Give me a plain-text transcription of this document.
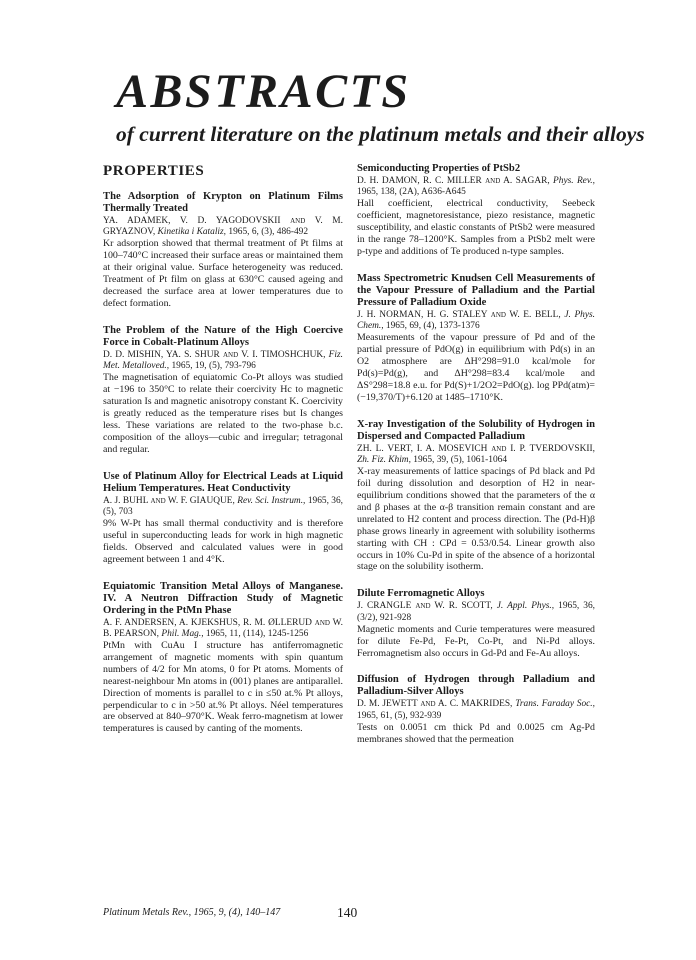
ABSTRACTS
of current literature on the platinum metals and their alloys
PROPERTIES

The Adsorption of Krypton on Platinum Films Thermally Treated

YA. ADAMEK, V. D. YAGODOVSKII and V. M. GRYAZNOV, Kinetika i Kataliz, 1965, 6, (3), 486-492

Kr adsorption showed that thermal treatment of Pt films at 100–740°C increased their surface areas or maintained them at their original value. Surface heterogeneity was reduced. Treatment of Pt film on glass at 630°C caused ageing and decreased the surface area at lower temperatures due to defect formation.

The Problem of the Nature of the High Coercive Force in Cobalt-Platinum Alloys

D. D. MISHIN, YA. S. SHUR and V. I. TIMOSHCHUK, Fiz. Met. Metalloved., 1965, 19, (5), 793-796

The magnetisation of equiatomic Co-Pt alloys was studied at −196 to 350°C to relate their coercivity Hc to magnetic saturation Is and magnetic anisotropy constant K. Coercivity is greatly reduced as the temperature rises but Is changes less. These variations are related to the two-phase b.c. composition of the alloys—cubic and irregular; tetragonal and regular.

Use of Platinum Alloy for Electrical Leads at Liquid Helium Temperatures. Heat Conductivity

A. J. BUHL and W. F. GIAUQUE, Rev. Sci. Instrum., 1965, 36, (5), 703

9% W-Pt has small thermal conductivity and is therefore useful in superconducting leads for work in high magnetic fields. Observed and calculated values were in good agreement between 1 and 4°K.

Equiatomic Transition Metal Alloys of Manganese. IV. A Neutron Diffraction Study of Magnetic Ordering in the PtMn Phase

A. F. ANDERSEN, A. KJEKSHUS, R. M. ØLLERUD and W. B. PEARSON, Phil. Mag., 1965, 11, (114), 1245-1256

PtMn with CuAu I structure has antiferromagnetic arrangement of magnetic moments with spin quantum numbers of 4/2 for Mn atoms, 0 for Pt atoms. Moments of nearest-neighbour Mn atoms in (001) planes are antiparallel. Direction of moments is parallel to c in ≤50 at.% Pt alloys, perpendicular to c in >50 at.% Pt alloys. Néel temperatures are observed at 840–970°K. Weak ferro-magnetism at lower temperatures is caused by canting of the moments.

Semiconducting Properties of PtSb2

D. H. DAMON, R. C. MILLER and A. SAGAR, Phys. Rev., 1965, 138, (2A), A636-A645

Hall coefficient, electrical conductivity, Seebeck coefficient, magnetoresistance, piezo resistance, magnetic susceptibility, and elastic constants of PtSb2 were measured in the range 78–1200°K. Samples from a PtSb2 melt were p-type and additions of Te produced n-type samples.

Mass Spectrometric Knudsen Cell Measurements of the Vapour Pressure of Palladium and the Partial Pressure of Palladium Oxide

J. H. NORMAN, H. G. STALEY and W. E. BELL, J. Phys. Chem., 1965, 69, (4), 1373-1376

Measurements of the vapour pressure of Pd and of the partial pressure of PdO(g) in equilibrium with Pd(s) in an O2 atmosphere are ΔH°298=91.0 kcal/mole for Pd(s)=Pd(g), and ΔH°298=83.4 kcal/mole and ΔS°298=18.8 e.u. for Pd(S)+1/2O2=PdO(g). log PPd(atm)=(−19,370/T)+6.120 at 1485–1710°K.

X-ray Investigation of the Solubility of Hydrogen in Dispersed and Compacted Palladium

ZH. L. VERT, I. A. MOSEVICH and I. P. TVERDOVSKII, Zh. Fiz. Khim, 1965, 39, (5), 1061-1064

X-ray measurements of lattice spacings of Pd black and Pd foil during dissolution and desorption of H2 in near-equilibrium conditions showed that the parameters of the α and β phases at the α-β transition remain constant and are unrelated to H2 content and process direction. The (Pd-H)β phase grows linearly in agreement with solubility isotherms starting with CH : CPd = 0.53/0.54. Linear growth also occurs in 10% Cu-Pd in spite of the absence of a horizontal stage on the solubility isotherm.

Dilute Ferromagnetic Alloys

J. CRANGLE and W. R. SCOTT, J. Appl. Phys., 1965, 36, (3/2), 921-928

Magnetic moments and Curie temperatures were measured for dilute Fe-Pd, Fe-Pt, Co-Pt, and Ni-Pd alloys. Ferromagnetism also occurs in Gd-Pd and Fe-Au alloys.

Diffusion of Hydrogen through Palladium and Palladium-Silver Alloys

D. M. JEWETT and A. C. MAKRIDES, Trans. Faraday Soc., 1965, 61, (5), 932-939

Tests on 0.0051 cm thick Pd and 0.0025 cm Ag-Pd membranes showed that the permeation

Platinum Metals Rev., 1965, 9, (4), 140–147	140
